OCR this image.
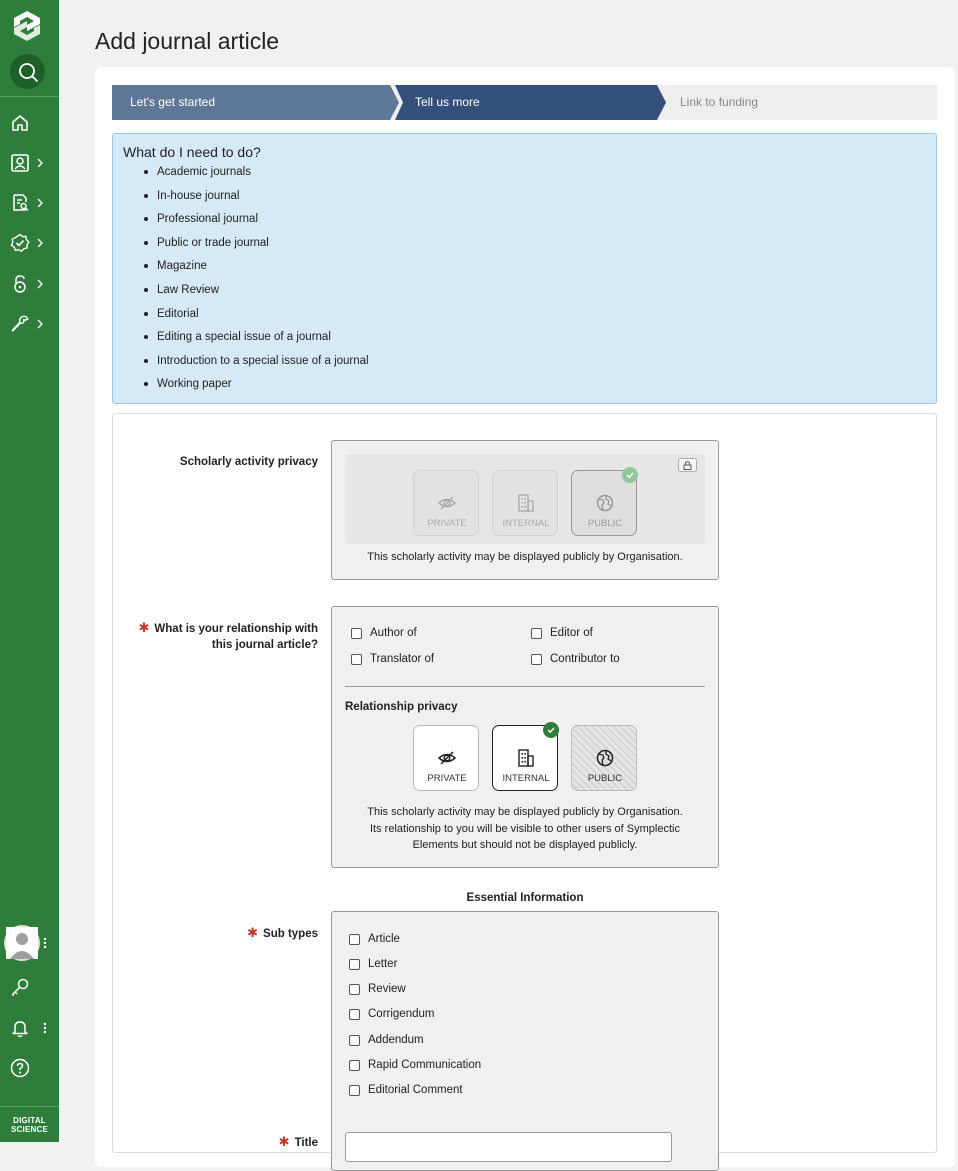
DIGITAL
SCIENCE
Add journal article
Let's get started	Tell us more	Link to funding
What do I need to do?
Academic journals
In-house journal
Professional journal
Public or trade journal
Magazine
Law Review
Editorial
Editing a special issue of a journal
Introduction to a special issue of a journal
Working paper
Scholarly activity privacy
PRIVATE	INTERNAL	PUBLIC
This scholarly activity may be displayed publicly by Organisation.
✱ What is your relationship with
this journal article?
Author of	Editor of
Translator of	Contributor to
Relationship privacy
PRIVATE	INTERNAL	PUBLIC
This scholarly activity may be displayed publicly by Organisation.
Its relationship to you will be visible to other users of Symplectic
Elements but should not be displayed publicly.
Essential Information
✱ Sub types	Article
Letter
Review
Corrigendum
Addendum
Rapid Communication
Editorial Comment
✱ Title
